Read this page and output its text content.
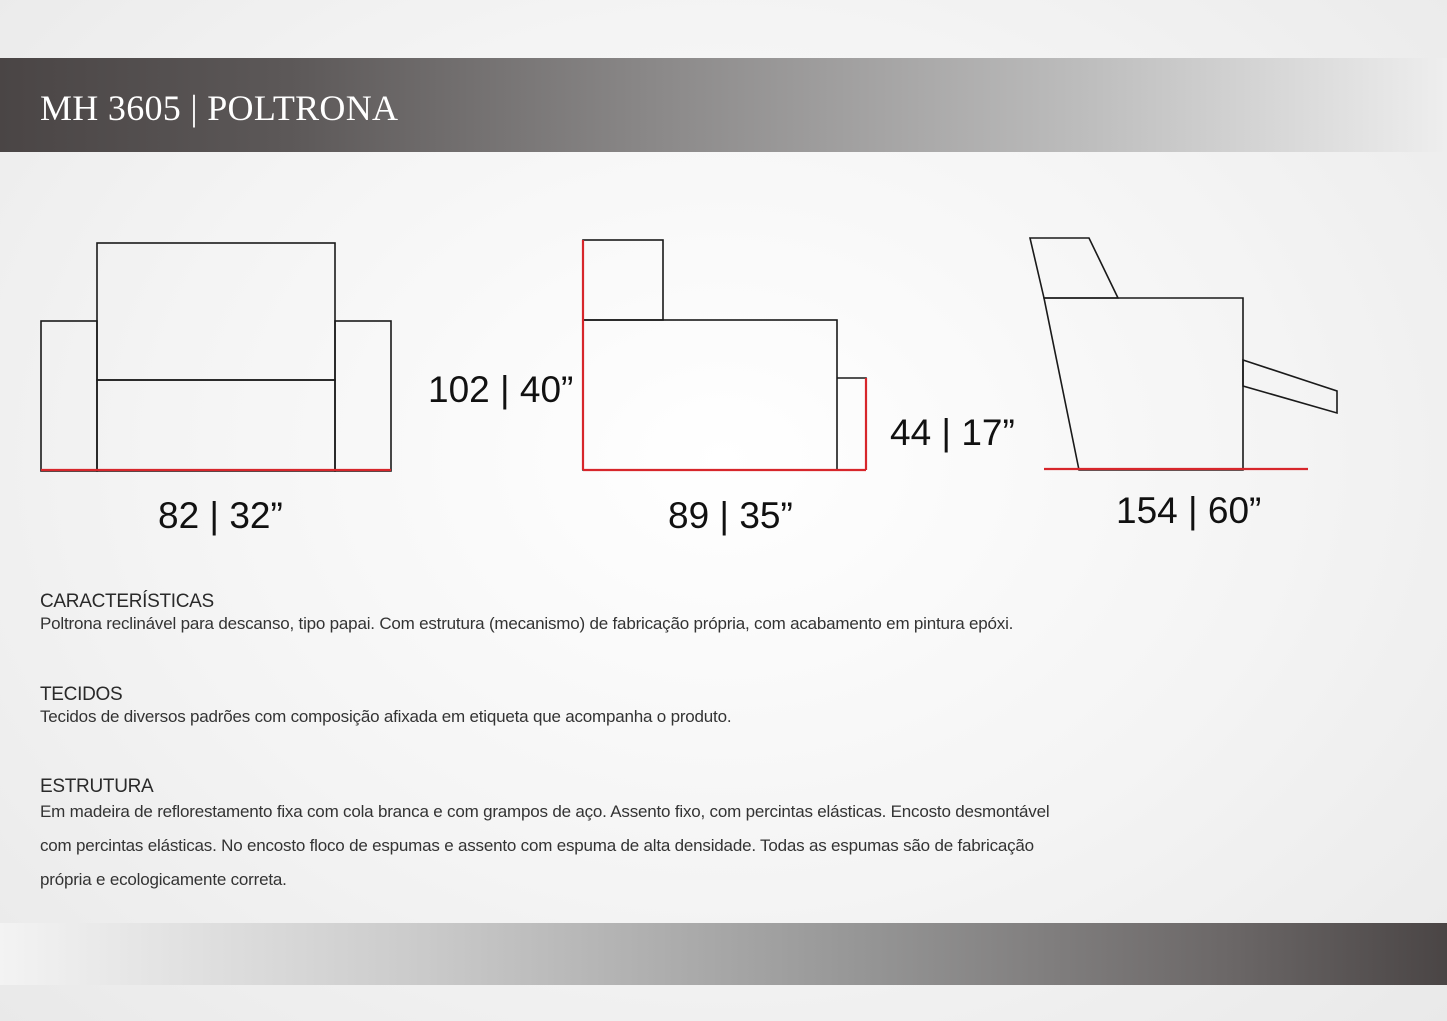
MH 3605 | POLTRONA
82 | 32”
102 | 40”
89 | 35”
44 | 17”
154 | 60”
CARACTERÍSTICAS

Poltrona reclinável para descanso, tipo papai. Com estrutura (mecanismo) de fabricação própria, com acabamento em pintura epóxi.

TECIDOS

Tecidos de diversos padrões com composição afixada em etiqueta que acompanha o produto.

ESTRUTURA

Em madeira de reflorestamento fixa com cola branca e com grampos de aço. Assento fixo, com percintas elásticas. Encosto desmontável

com percintas elásticas. No encosto floco de espumas e assento com espuma de alta densidade. Todas as espumas são de fabricação

própria e ecologicamente correta.
